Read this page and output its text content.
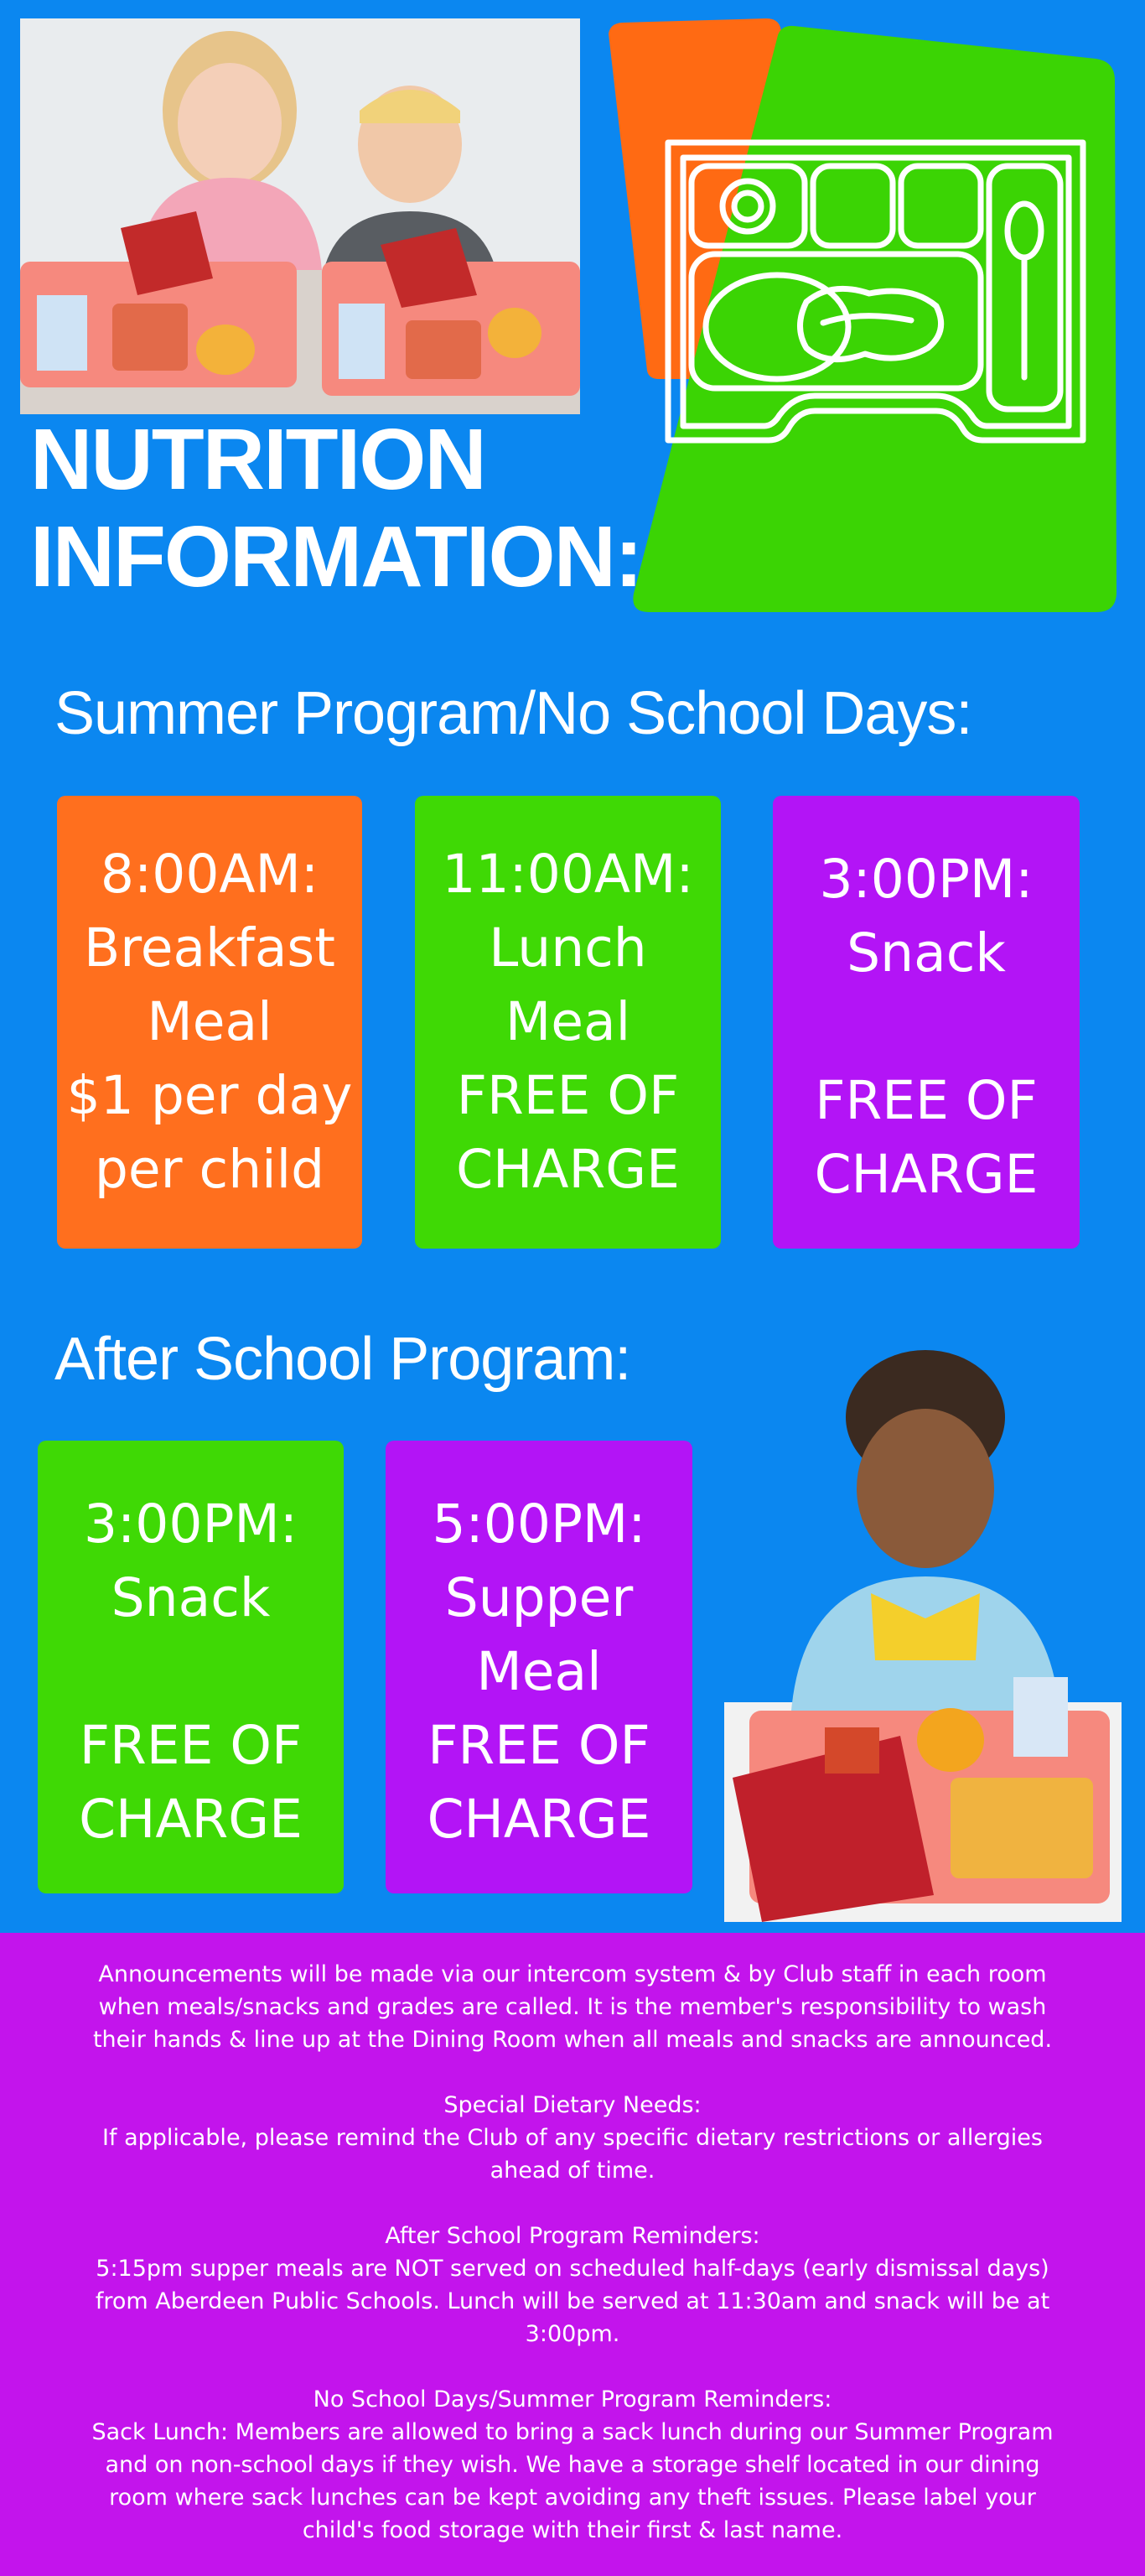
NUTRITION
INFORMATION:
Summer Program/No School Days:
8:00AM:
Breakfast
Meal
$1 per day
per child
11:00AM:
Lunch
Meal
FREE OF
CHARGE
3:00PM:
Snack
FREE OF
CHARGE
After School Program:
3:00PM:
Snack
FREE OF
CHARGE
5:00PM:
Supper
Meal
FREE OF
CHARGE

Announcements will be made via our intercom system & by Club staff in each room

when meals/snacks and grades are called. It is the member's responsibility to wash

their hands & line up at the Dining Room when all meals and snacks are announced.

Special Dietary Needs:

If applicable, please remind the Club of any specific dietary restrictions or allergies

ahead of time.

After School Program Reminders:

5:15pm supper meals are NOT served on scheduled half-days (early dismissal days)

from Aberdeen Public Schools. Lunch will be served at 11:30am and snack will be at

3:00pm.

No School Days/Summer Program Reminders:

Sack Lunch: Members are allowed to bring a sack lunch during our Summer Program

and on non-school days if they wish. We have a storage shelf located in our dining

room where sack lunches can be kept avoiding any theft issues. Please label your

child's food storage with their first & last name.
